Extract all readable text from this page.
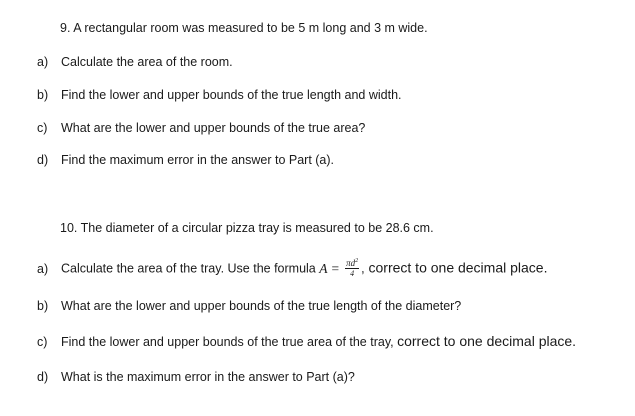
9. A rectangular room was measured to be 5 m long and 3 m wide.
a) Calculate the area of the room.
b) Find the lower and upper bounds of the true length and width.
c) What are the lower and upper bounds of the true area?
d) Find the maximum error in the answer to Part (a).
10. The diameter of a circular pizza tray is measured to be 28.6 cm.
a) Calculate the area of the tray. Use the formula $A = \frac{\pi d^2}{4}$ , correct to one decimal place.
b) What are the lower and upper bounds of the true length of the diameter?
c) Find the lower and upper bounds of the true area of the tray, correct to one decimal place.
d) What is the maximum error in the answer to Part (a)?
